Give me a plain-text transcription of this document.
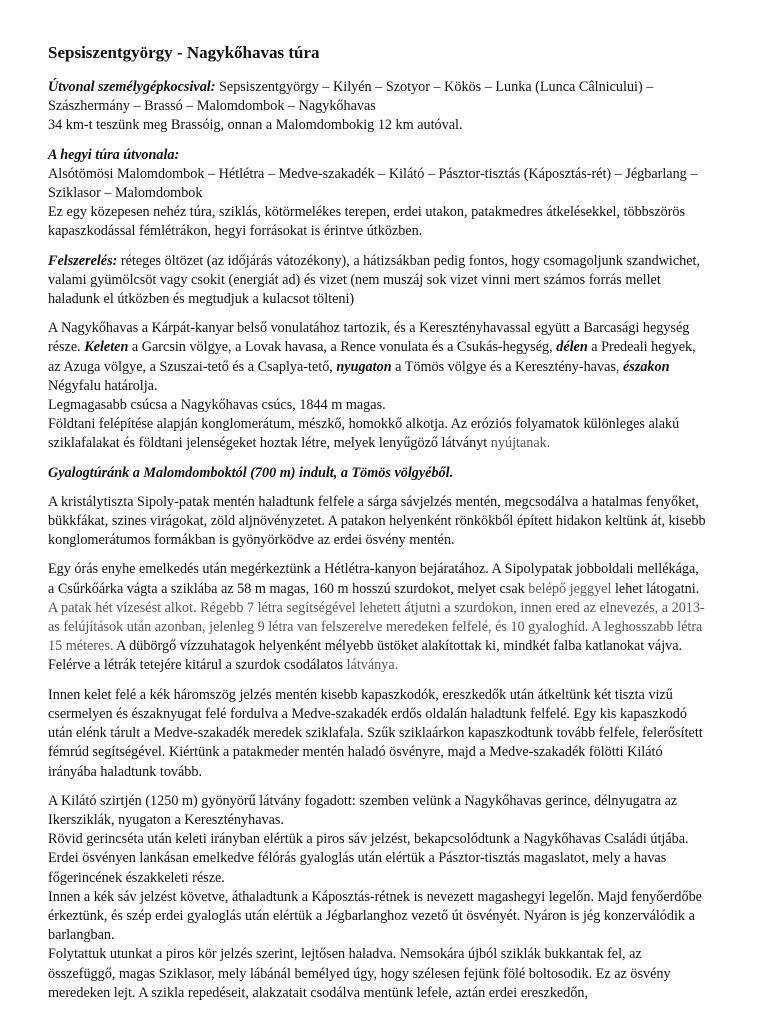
Sepsiszentgyörgy - Nagykőhavas túra

Útvonal személygépkocsival: Sepsiszentgyörgy – Kilyén – Szotyor – Kökös – Lunka (Lunca Câlnicului) – Szászhermány – Brassó – Malomdombok – Nagykőhavas
34 km-t teszünk meg Brassóig, onnan a Malomdombokig 12 km autóval.

A hegyi túra útvonala:
Alsótömösi Malomdombok – Hétlétra – Medve-szakadék – Kilátó – Pásztor-tisztás (Káposztás-rét) – Jégbarlang – Sziklasor – Malomdombok
Ez egy közepesen nehéz túra, sziklás, kötörmelékes terepen, erdei utakon, patakmedres átkelésekkel, többszörös kapaszkodással fémlétrákon, hegyi forrásokat is érintve útközben.

Felszerelés: réteges öltözet (az időjárás vátozékony), a hátizsákban pedig fontos, hogy csomagoljunk szandwichet, valami gyümölcsöt vagy csokit (energiát ad) és vizet (nem muszáj sok vizet vinni mert számos forrás mellet haladunk el útközben és megtudjuk a kulacsot tölteni)

A Nagykőhavas a Kárpát-kanyar belső vonulatához tartozik, és a Keresztényhavassal együtt a Barcasági hegység része. Keleten a Garcsin völgye, a Lovak havasa, a Rence vonulata és a Csukás-hegység, délen a Predeali hegyek, az Azuga völgye, a Szuszai-tető és a Csaplya-tető, nyugaton a Tömös völgye és a Keresztény-havas, északon Négyfalu határolja.
Legmagasabb csúcsa a Nagykőhavas csúcs, 1844 m magas.
Földtani felépítése alapján konglomerátum, mészkő, homokkő alkotja. Az eróziós folyamatok különleges alakú sziklafalakat és földtani jelenségeket hoztak létre, melyek lenyűgöző látványt nyújtanak.

Gyalogtúránk a Malomdomboktól (700 m) indult, a Tömös völgyéből.

A kristálytiszta Sipoly-patak mentén haladtunk felfele a sárga sávjelzés mentén, megcsodálva a hatalmas fenyőket, bükkfákat, szines virágokat, zöld aljnövényzetet. A patakon helyenként rönkökből épített hidakon keltünk át, kisebb konglomerátumos formákban is gyönyörködve az erdei ösvény mentén.

Egy órás enyhe emelkedés után megérkeztünk a Hétlétra-kanyon bejáratához. A Sipolypatak jobboldali mellékága, a Csűrkőárka vágta a sziklába az 58 m magas, 160 m hosszú szurdokot, melyet csak belépő jeggyel lehet látogatni. A patak hét vízesést alkot. Régebb 7 létra segítségével lehetett átjutni a szurdokon, innen ered az elnevezés, a 2013-as felújítások után azonban, jelenleg 9 létra van felszerelve meredeken felfelé, és 10 gyaloghíd. A leghosszabb létra 15 méteres. A dübörgő vízzuhatagok helyenként mélyebb üstöket alakítottak ki, mindkét falba katlanokat vájva. Felérve a létrák tetejére kitárul a szurdok csodálatos látványa.

Innen kelet felé a kék háromszög jelzés mentén kisebb kapaszkodók, ereszkedők után átkeltünk két tiszta vizű csermelyen és északnyugat felé fordulva a Medve-szakadék erdős oldalán haladtunk felfelé. Egy kis kapaszkodó után elénk tárult a Medve-szakadék meredek sziklafala. Szűk sziklaárkon kapaszkodtunk tovább felfele, felerősített fémrúd segítségével. Kiértünk a patakmeder mentén haladó ösvényre, majd a Medve-szakadék fölötti Kilátó irányába haladtunk tovább.

A Kilátó szirtjén (1250 m) gyönyörű látvány fogadott: szemben velünk a Nagykőhavas gerince, délnyugatra az Ikersziklák, nyugaton a Keresztényhavas.
Rövid gerincséta után keleti irányban elértük a piros sáv jelzést, bekapcsolódtunk a Nagykőhavas Családi útjába. Erdei ösvényen lankásan emelkedve félórás gyaloglás után elértük a Pásztor-tisztás magaslatot, mely a havas főgerincének északkeleti része.
Innen a kék sáv jelzést követve, áthaladtunk a Káposztás-rétnek is nevezett magashegyi legelőn. Majd fenyőerdőbe érkeztünk, és szép erdei gyaloglás után elértük a Jégbarlanghoz vezető út ösvényét. Nyáron is jég konzerválódik a barlangban.
Folytattuk utunkat a piros kör jelzés szerint, lejtősen haladva. Nemsokára újból sziklák bukkantak fel, az összefüggő, magas Sziklasor, mely lábánál bemélyed úgy, hogy szélesen fejünk fölé boltosodik. Ez az ösvény meredeken lejt. A szikla repedéseit, alakzatait csodálva mentünk lefele, aztán erdei ereszkedőn,
